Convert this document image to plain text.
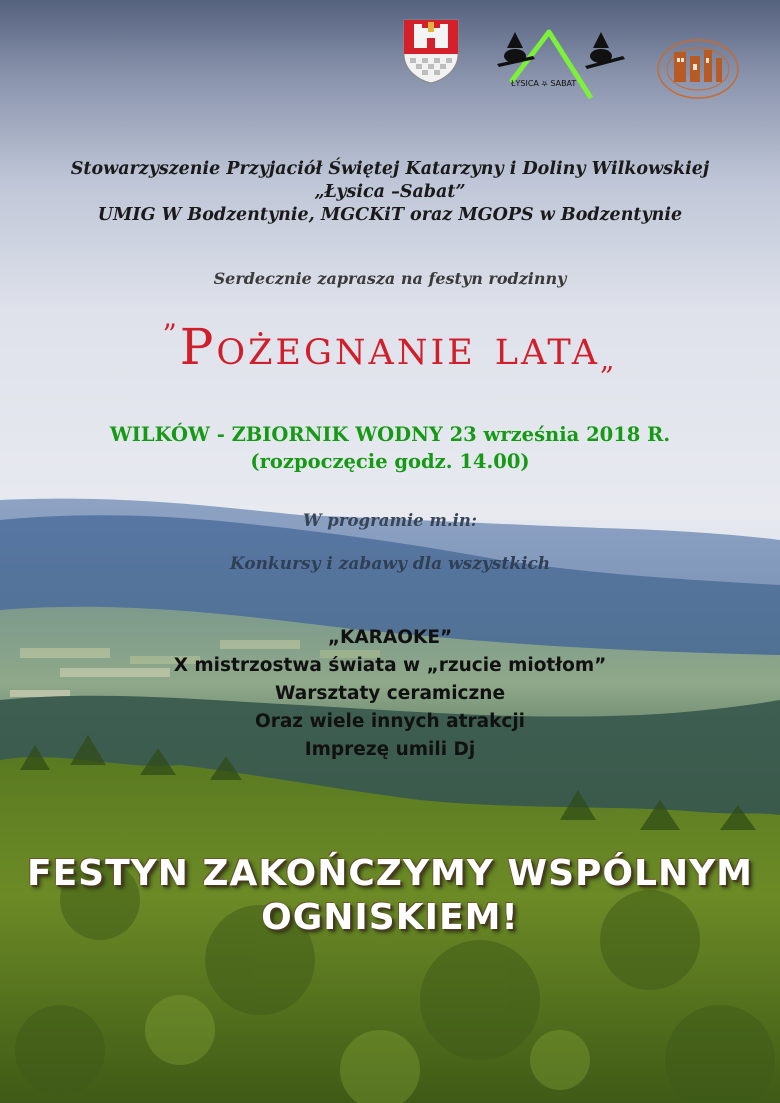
ŁYSICA ⛧ SABAT
Stowarzyszenie Przyjaciół Świętej Katarzyny i Doliny Wilkowskiej
„Łysica –Sabat”
UMIG W Bodzentynie, MGCKiT oraz MGOPS w Bodzentynie
Serdecznie zaprasza na festyn rodzinny
”Pożegnanie lata„
WILKÓW - ZBIORNIK WODNY 23 września 2018 R.
(rozpoczęcie godz. 14.00)
W programie m.in:
Konkursy i zabawy dla wszystkich
„KARAOKE”
X mistrzostwa świata w „rzucie miotłom”
Warsztaty ceramiczne
Oraz wiele innych atrakcji
Imprezę umili Dj
FESTYN ZAKOŃCZYMY WSPÓLNYM
OGNISKIEM!
